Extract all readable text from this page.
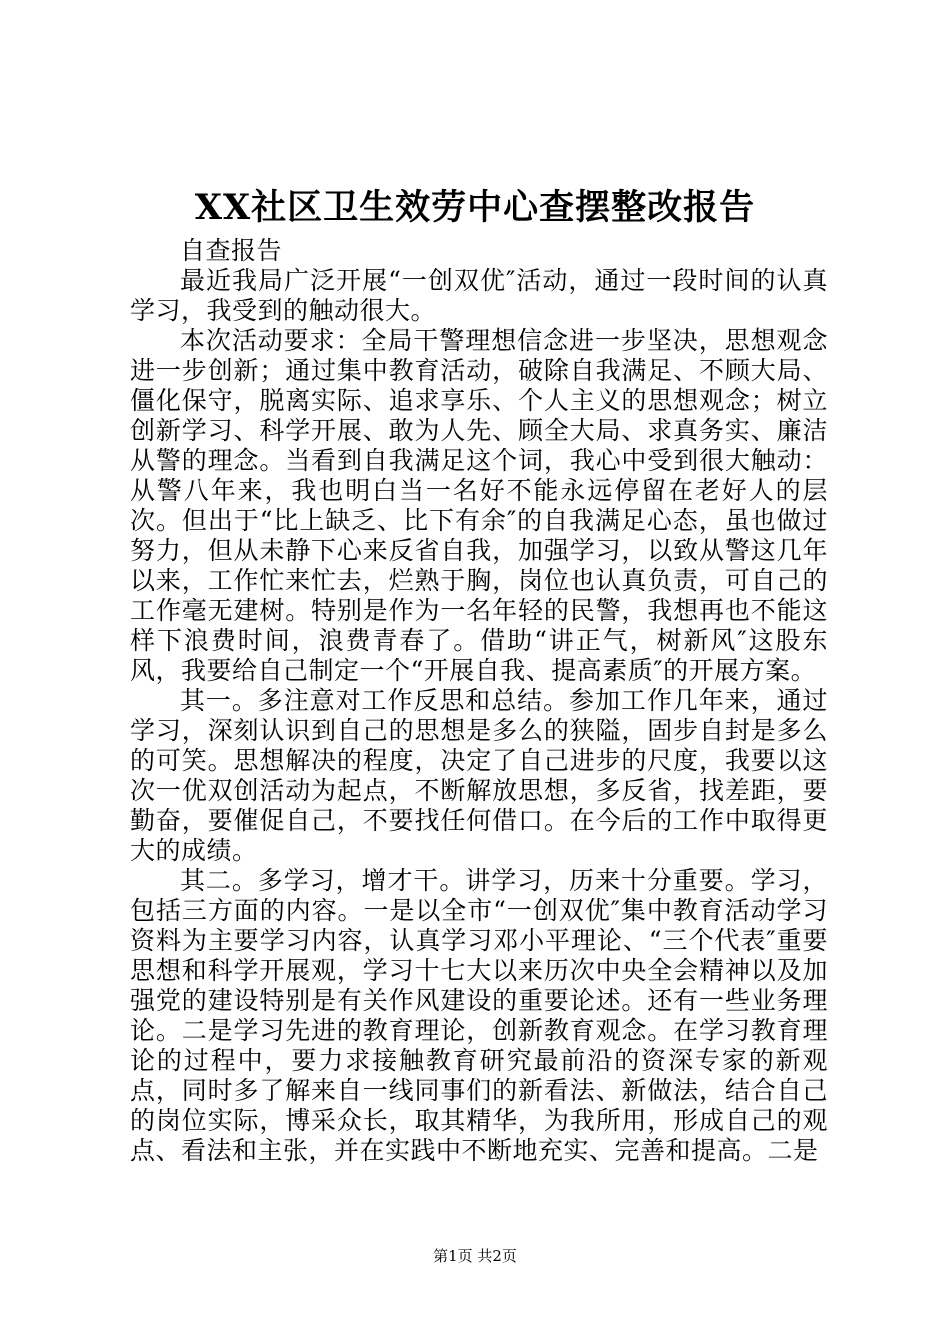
XX社区卫生效劳中心查摆整改报告

自查报告

最近我局广泛开展“一创双优″活动，通过一段时间的认真学习，我受到的触动很大。

本次活动要求：全局干警理想信念进一步坚决，思想观念进一步创新；通过集中教育活动，破除自我满足、不顾大局、僵化保守，脱离实际、追求享乐、个人主义的思想观念；树立创新学习、科学开展、敢为人先、顾全大局、求真务实、廉洁从警的理念。当看到自我满足这个词，我心中受到很大触动：从警八年来，我也明白当一名好不能永远停留在老好人的层次。但出于“比上缺乏、比下有余″的自我满足心态，虽也做过努力，但从未静下心来反省自我，加强学习，以致从警这几年以来，工作忙来忙去，烂熟于胸，岗位也认真负责，可自己的工作毫无建树。特别是作为一名年轻的民警，我想再也不能这样下浪费时间，浪费青春了。借助“讲正气，树新风″这股东风，我要给自己制定一个“开展自我、提高素质″的开展方案。

其一。多注意对工作反思和总结。参加工作几年来，通过学习，深刻认识到自己的思想是多么的狭隘，固步自封是多么的可笑。思想解决的程度，决定了自己进步的尺度，我要以这次一优双创活动为起点，不断解放思想，多反省，找差距，要勤奋，要催促自己，不要找任何借口。在今后的工作中取得更大的成绩。

其二。多学习，增才干。讲学习，历来十分重要。学习，包括三方面的内容。一是以全市“一创双优″集中教育活动学习资料为主要学习内容，认真学习邓小平理论、“三个代表″重要思想和科学开展观，学习十七大以来历次中央全会精神以及加强党的建设特别是有关作风建设的重要论述。还有一些业务理论。二是学习先进的教育理论，创新教育观念。在学习教育理论的过程中，要力求接触教育研究最前沿的资深专家的新观点，同时多了解来自一线同事们的新看法、新做法，结合自己的岗位实际，博采众长，取其精华，为我所用，形成自己的观点、看法和主张，并在实践中不断地充实、完善和提高。二是

第1页 共2页
